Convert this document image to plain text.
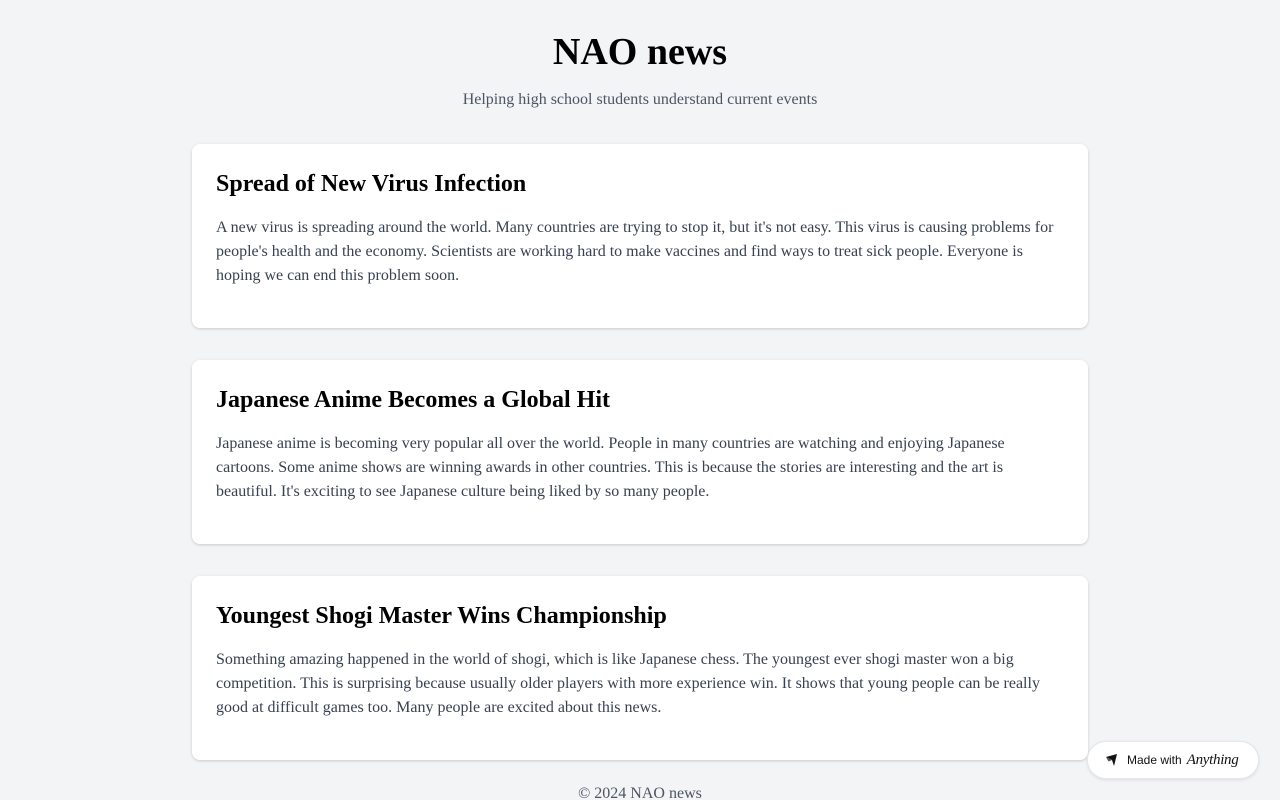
NAO news

Helping high school students understand current events

Spread of New Virus Infection

A new virus is spreading around the world. Many countries are trying to stop it, but it's not easy. This virus is causing problems for people's health and the economy. Scientists are working hard to make vaccines and find ways to treat sick people. Everyone is hoping we can end this problem soon.

Japanese Anime Becomes a Global Hit

Japanese anime is becoming very popular all over the world. People in many countries are watching and enjoying Japanese cartoons. Some anime shows are winning awards in other countries. This is because the stories are interesting and the art is beautiful. It's exciting to see Japanese culture being liked by so many people.

Youngest Shogi Master Wins Championship

Something amazing happened in the world of shogi, which is like Japanese chess. The youngest ever shogi master won a big competition. This is surprising because usually older players with more experience win. It shows that young people can be really good at difficult games too. Many people are excited about this news.

© 2024 NAO news
Made with Anything
